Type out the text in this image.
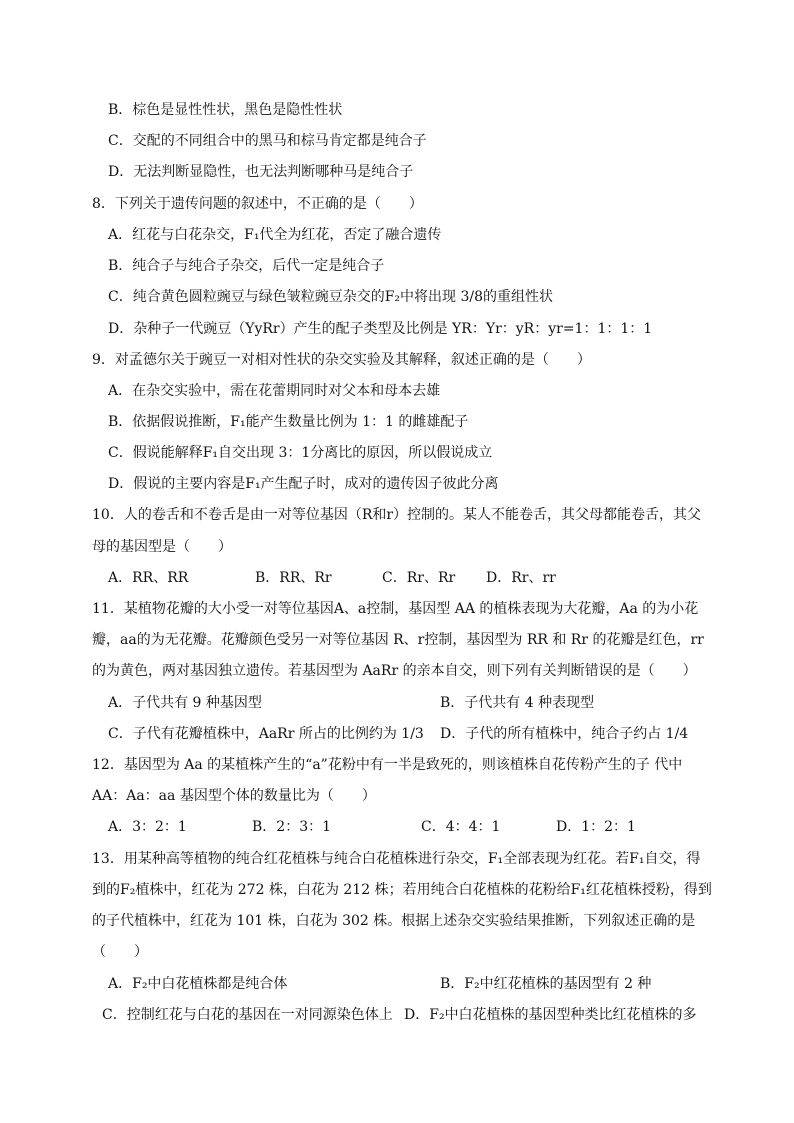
B．棕色是显性性状，黑色是隐性性状
C．交配的不同组合中的黑马和棕马肯定都是纯合子
D．无法判断显隐性，也无法判断哪种马是纯合子
8．下列关于遗传问题的叙述中，不正确的是（　　）
A．红花与白花杂交，F₁代全为红花，否定了融合遗传
B．纯合子与纯合子杂交，后代一定是纯合子
C．纯合黄色圆粒豌豆与绿色皱粒豌豆杂交的F₂中将出现 3/8的重组性状
D．杂种子一代豌豆（YyRr）产生的配子类型及比例是 YR：Yr：yR：yr=1：1：1：1
9．对孟德尔关于豌豆一对相对性状的杂交实验及其解释，叙述正确的是（　　）
A．在杂交实验中，需在花蕾期同时对父本和母本去雄
B．依据假说推断，F₁能产生数量比例为 1：1 的雌雄配子
C．假说能解释F₁自交出现 3：1分离比的原因，所以假说成立
D．假说的主要内容是F₁产生配子时，成对的遗传因子彼此分离
10．人的卷舌和不卷舌是由一对等位基因（R和r）控制的。某人不能卷舌，其父母都能卷舌，其父
母的基因型是（　　）
A．RR、RR	B．RR、Rr	C．Rr、Rr D．Rr、rr
11．某植物花瓣的大小受一对等位基因A、a控制，基因型 AA 的植株表现为大花瓣，Aa 的为小花
瓣，aa的为无花瓣。花瓣颜色受另一对等位基因 R、r控制，基因型为 RR 和 Rr 的花瓣是红色，rr
的为黄色，两对基因独立遗传。若基因型为 AaRr 的亲本自交，则下列有关判断错误的是（　　）
A．子代共有 9 种基因型	B．子代共有 4 种表现型
C．子代有花瓣植株中，AaRr 所占的比例约为 1/3 D．子代的所有植株中，纯合子约占 1/4
12．基因型为 Aa 的某植株产生的“a”花粉中有一半是致死的，则该植株自花传粉产生的子 代中
AA：Aa：aa 基因型个体的数量比为（　　）
A．3：2：1	B．2：3：1	C．4：4：1	D．1：2：1
13．用某种高等植物的纯合红花植株与纯合白花植株进行杂交，F₁全部表现为红花。若F₁自交，得
到的F₂植株中，红花为 272 株，白花为 212 株；若用纯合白花植株的花粉给F₁红花植株授粉，得到
的子代植株中，红花为 101 株，白花为 302 株。根据上述杂交实验结果推断，下列叙述正确的是
（　　）
A．F₂中白花植株都是纯合体	B．F₂中红花植株的基因型有 2 种
C．控制红花与白花的基因在一对同源染色体上 D．F₂中白花植株的基因型种类比红花植株的多
